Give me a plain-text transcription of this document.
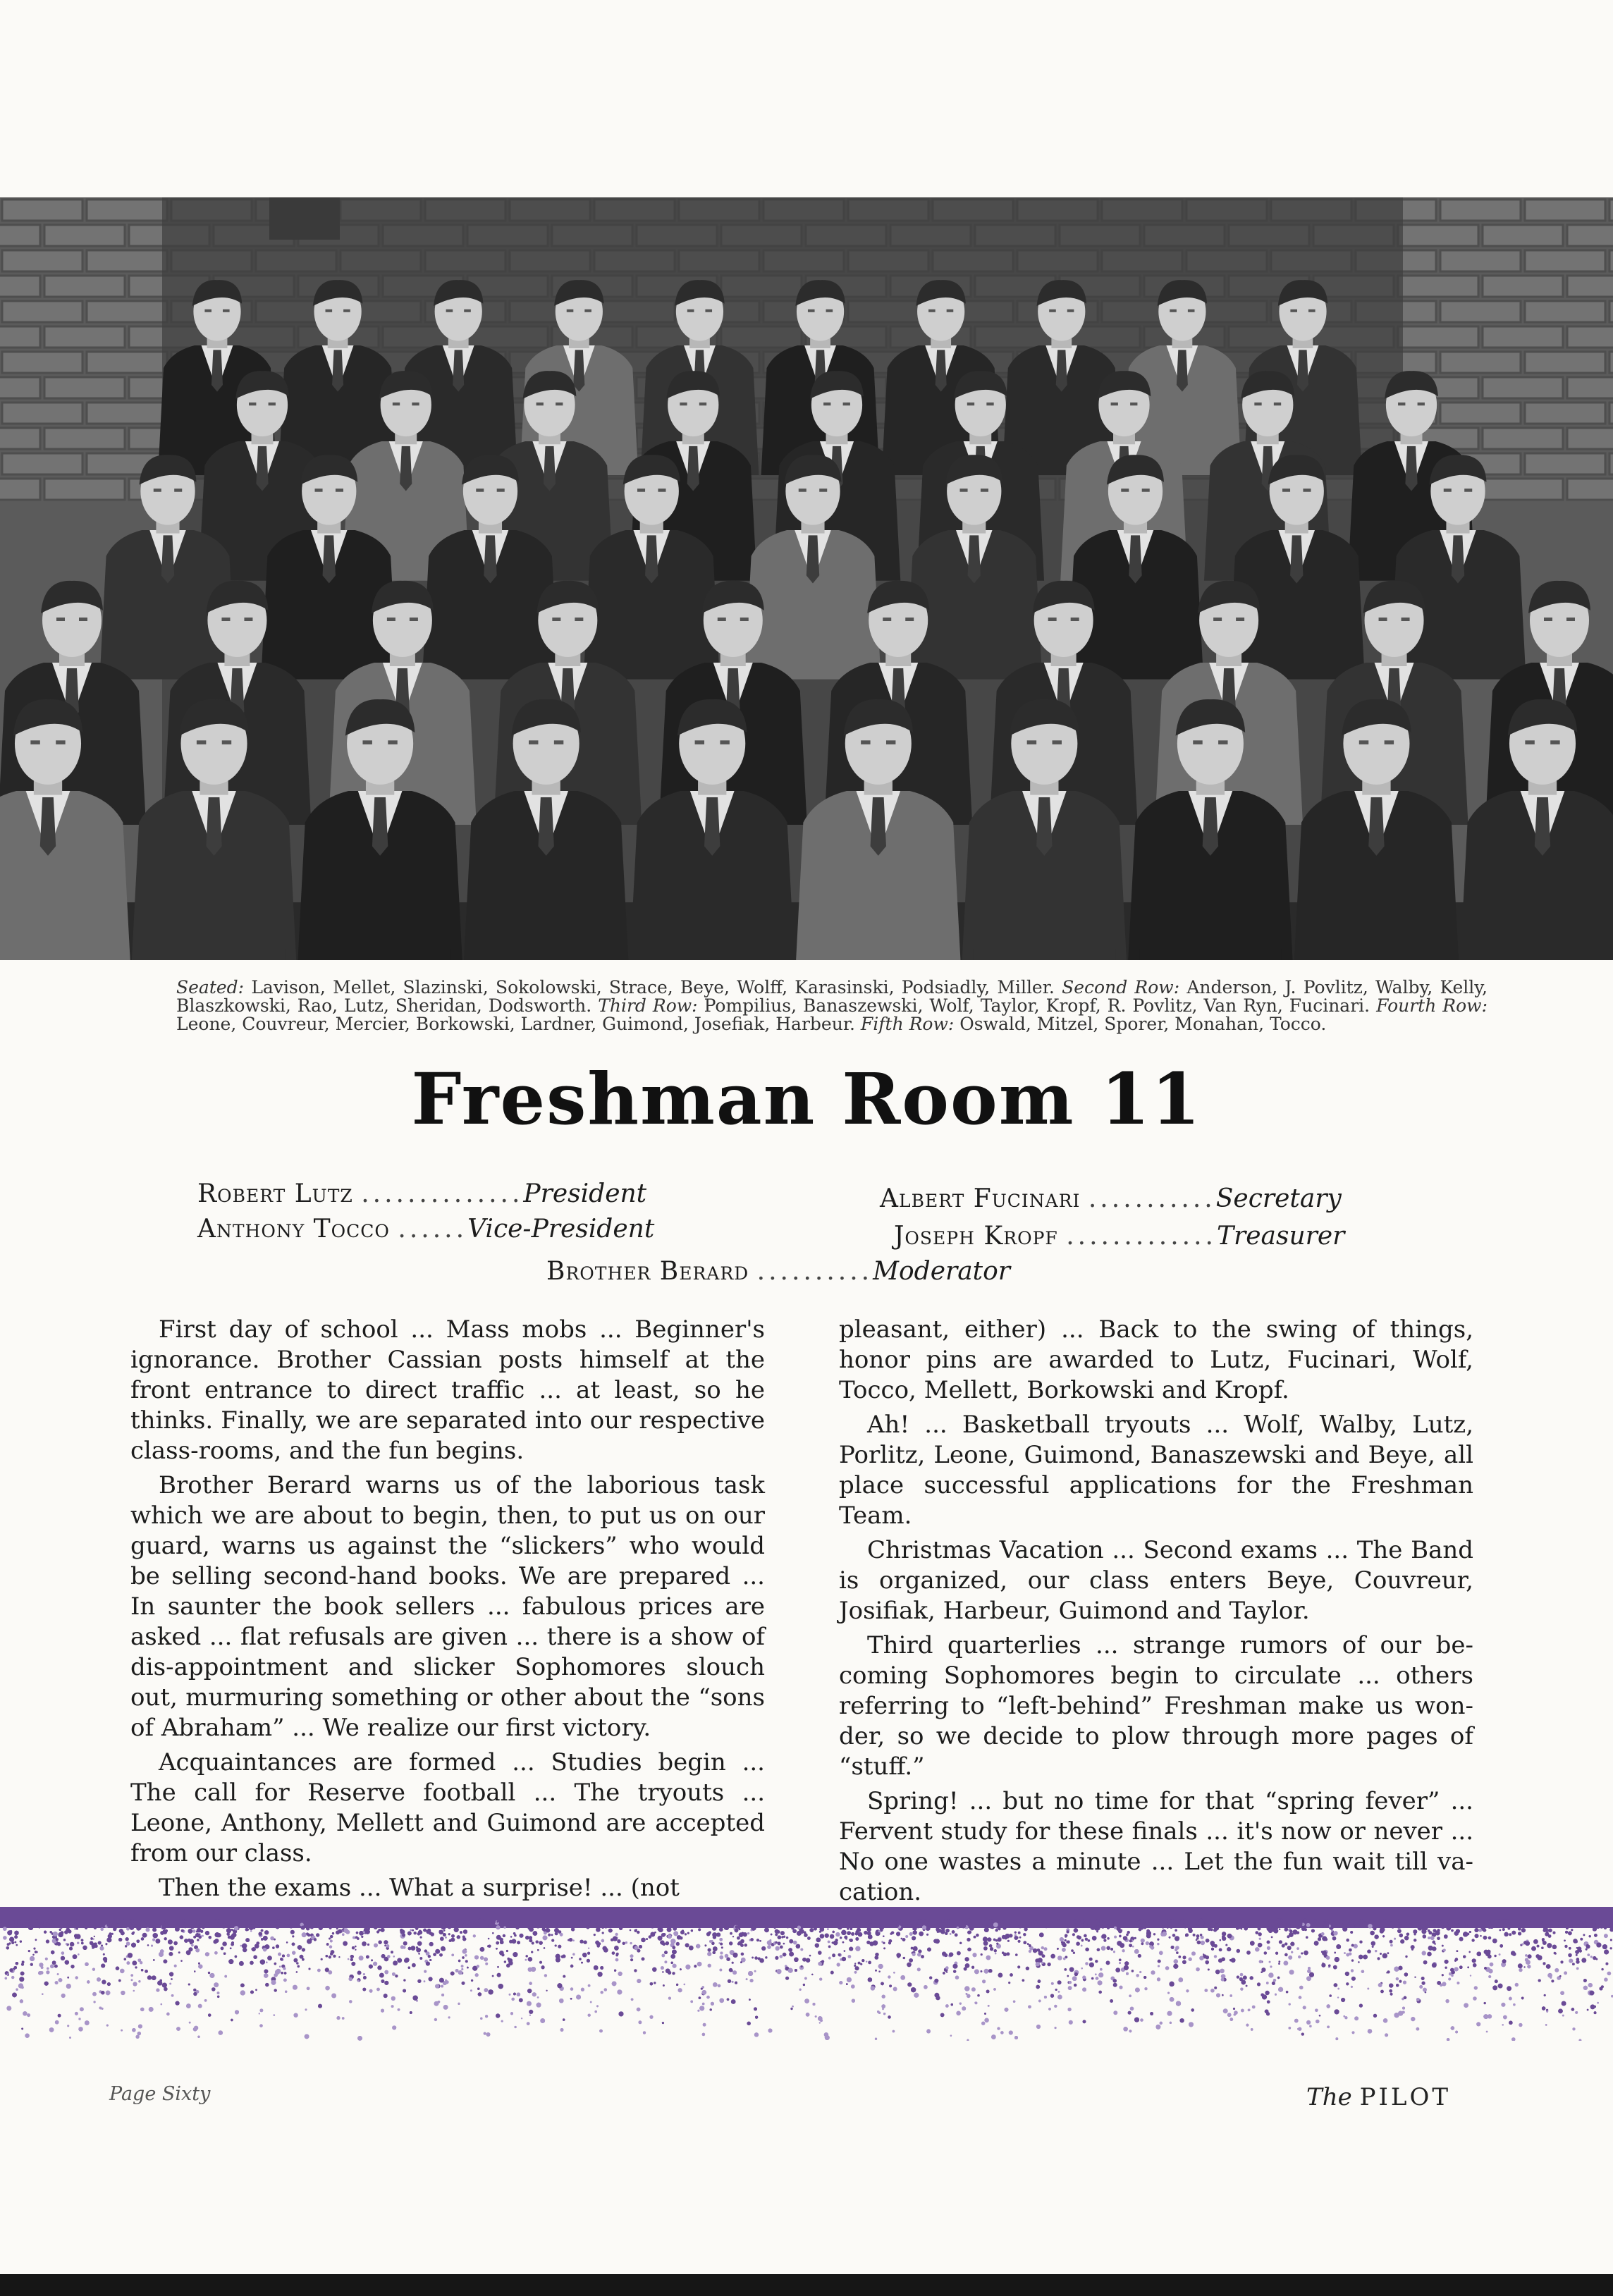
Seated: Lavison, Mellet, Slazinski, Sokolowski, Strace, Beye, Wolff, Karasinski, Podsiadly, Miller. Second Row: Anderson, J. Povlitz, Walby, Kelly, Blaszkowski, Rao, Lutz, Sheridan, Dodsworth. Third Row: Pompilius, Banaszewski, Wolf, Taylor, Kropf, R. Povlitz, Van Ryn, Fucinari. Fourth Row: Leone, Couvreur, Mercier, Borkowski, Lardner, Guimond, Josefiak, Harbeur. Fifth Row: Oswald, Mitzel, Sporer, Monahan, Tocco.
Freshman Room 11
Robert Lutz ..............President
Anthony Tocco ......Vice-President
Albert Fucinari ...........Secretary
Joseph Kropf .............Treasurer
Brother Berard ..........Moderator

First day of school ... Mass mobs ... Beginner's ignorance. Brother Cassian posts himself at the front entrance to direct traffic ... at least, so he thinks. Finally, we are separated into our respective class-rooms, and the fun begins.

Brother Berard warns us of the laborious task which we are about to begin, then, to put us on our guard, warns us against the “slickers” who would be selling second-hand books. We are prepared ... In saunter the book sellers ... fabulous prices are asked ... flat refusals are given ... there is a show of dis-appointment and slicker Sophomores slouch out, murmuring something or other about the “sons of Abraham” ... We realize our first victory.

Acquaintances are formed ... Studies begin ... The call for Reserve football ... The tryouts ... Leone, Anthony, Mellett and Guimond are accepted from our class.

Then the exams ... What a surprise! ... (not

pleasant, either) ... Back to the swing of things, honor pins are awarded to Lutz, Fucinari, Wolf, Tocco, Mellett, Borkowski and Kropf.

Ah! ... Basketball tryouts ... Wolf, Walby, Lutz, Porlitz, Leone, Guimond, Banaszewski and Beye, all place successful applications for the Freshman Team.

Christmas Vacation ... Second exams ... The Band is organized, our class enters Beye, Couvreur, Josifiak, Harbeur, Guimond and Taylor.

Third quarterlies ... strange rumors of our be-coming Sophomores begin to circulate ... others referring to “left-behind” Freshman make us won-der, so we decide to plow through more pages of “stuff.”

Spring! ... but no time for that “spring fever” ... Fervent study for these finals ... it's now or never ... No one wastes a minute ... Let the fun wait till va-cation.

Page Sixty	The PILOT
